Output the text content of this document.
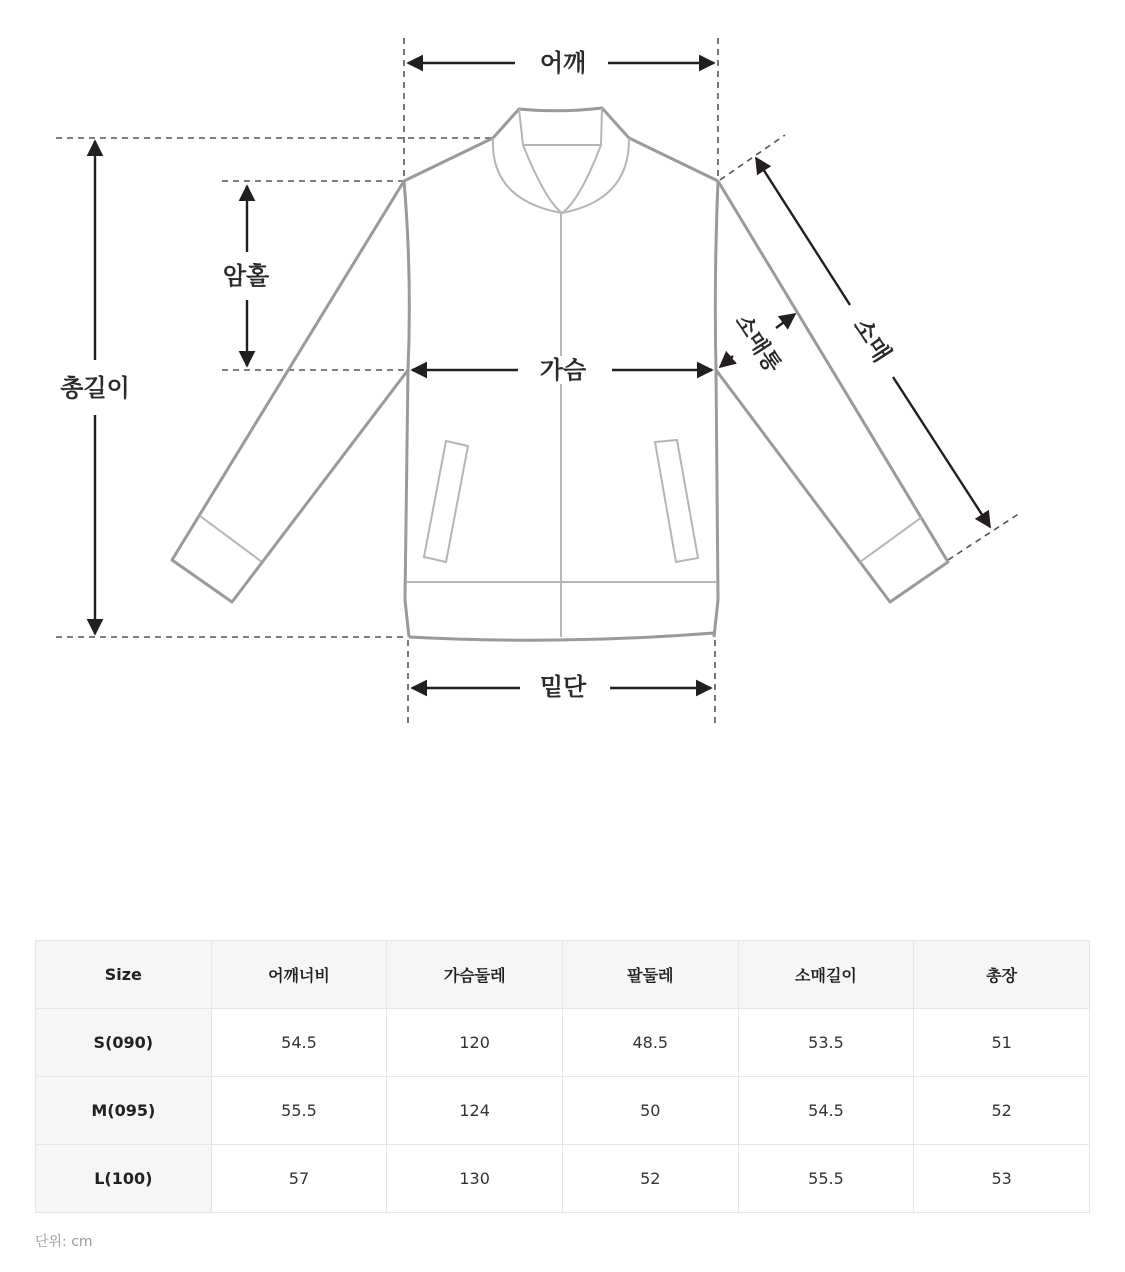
어깨
총길이
암홀
가슴
밑단
소매통	소매
Size	어깨너비	가슴둘레	팔둘레	소매길이	총장
S(090)	54.5	120	48.5	53.5	51
M(095)	55.5	124	50	54.5	52
L(100)	57	130	52	55.5	53
단위: cm
